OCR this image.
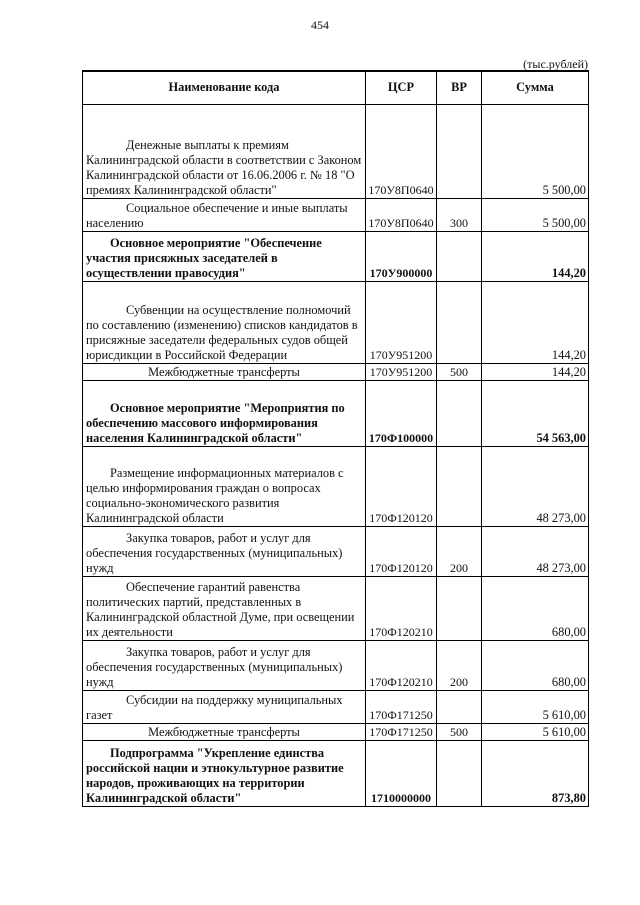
454
(тыс.рублей)
Наименование кода	ЦСР	ВР	Сумма
Денежные выплаты к премиям Калининградской области в соответствии с Законом Калининградской области от 16.06.2006 г. № 18 "О премиях Калининградской области"	170У8П0640		5 500,00
Социальное обеспечение и иные выплаты населению	170У8П0640	300	5 500,00
Основное мероприятие "Обеспечение участия присяжных заседателей в осуществлении правосудия"	170У900000		144,20
Субвенции на осуществление полномочий по составлению (изменению) списков кандидатов в присяжные заседатели федеральных судов общей юрисдикции в Российской Федерации	170У951200		144,20
Межбюджетные трансферты	170У951200	500	144,20
Основное мероприятие "Мероприятия по обеспечению массового информирования населения Калининградской области"	170Ф100000		54 563,00
Размещение информационных материалов с целью информирования граждан о вопросах социально-экономического развития Калининградской области	170Ф120120		48 273,00
Закупка товаров, работ и услуг для обеспечения государственных (муниципальных) нужд	170Ф120120	200	48 273,00
Обеспечение гарантий равенства политических партий, представленных в Калининградской областной Думе, при освещении их деятельности	170Ф120210		680,00
Закупка товаров, работ и услуг для обеспечения государственных (муниципальных) нужд	170Ф120210	200	680,00
Субсидии на поддержку муниципальных газет	170Ф171250		5 610,00
Межбюджетные трансферты	170Ф171250	500	5 610,00
Подпрограмма "Укрепление единства российской нации и этнокультурное развитие народов, проживающих на территории Калининградской области"	1710000000		873,80
